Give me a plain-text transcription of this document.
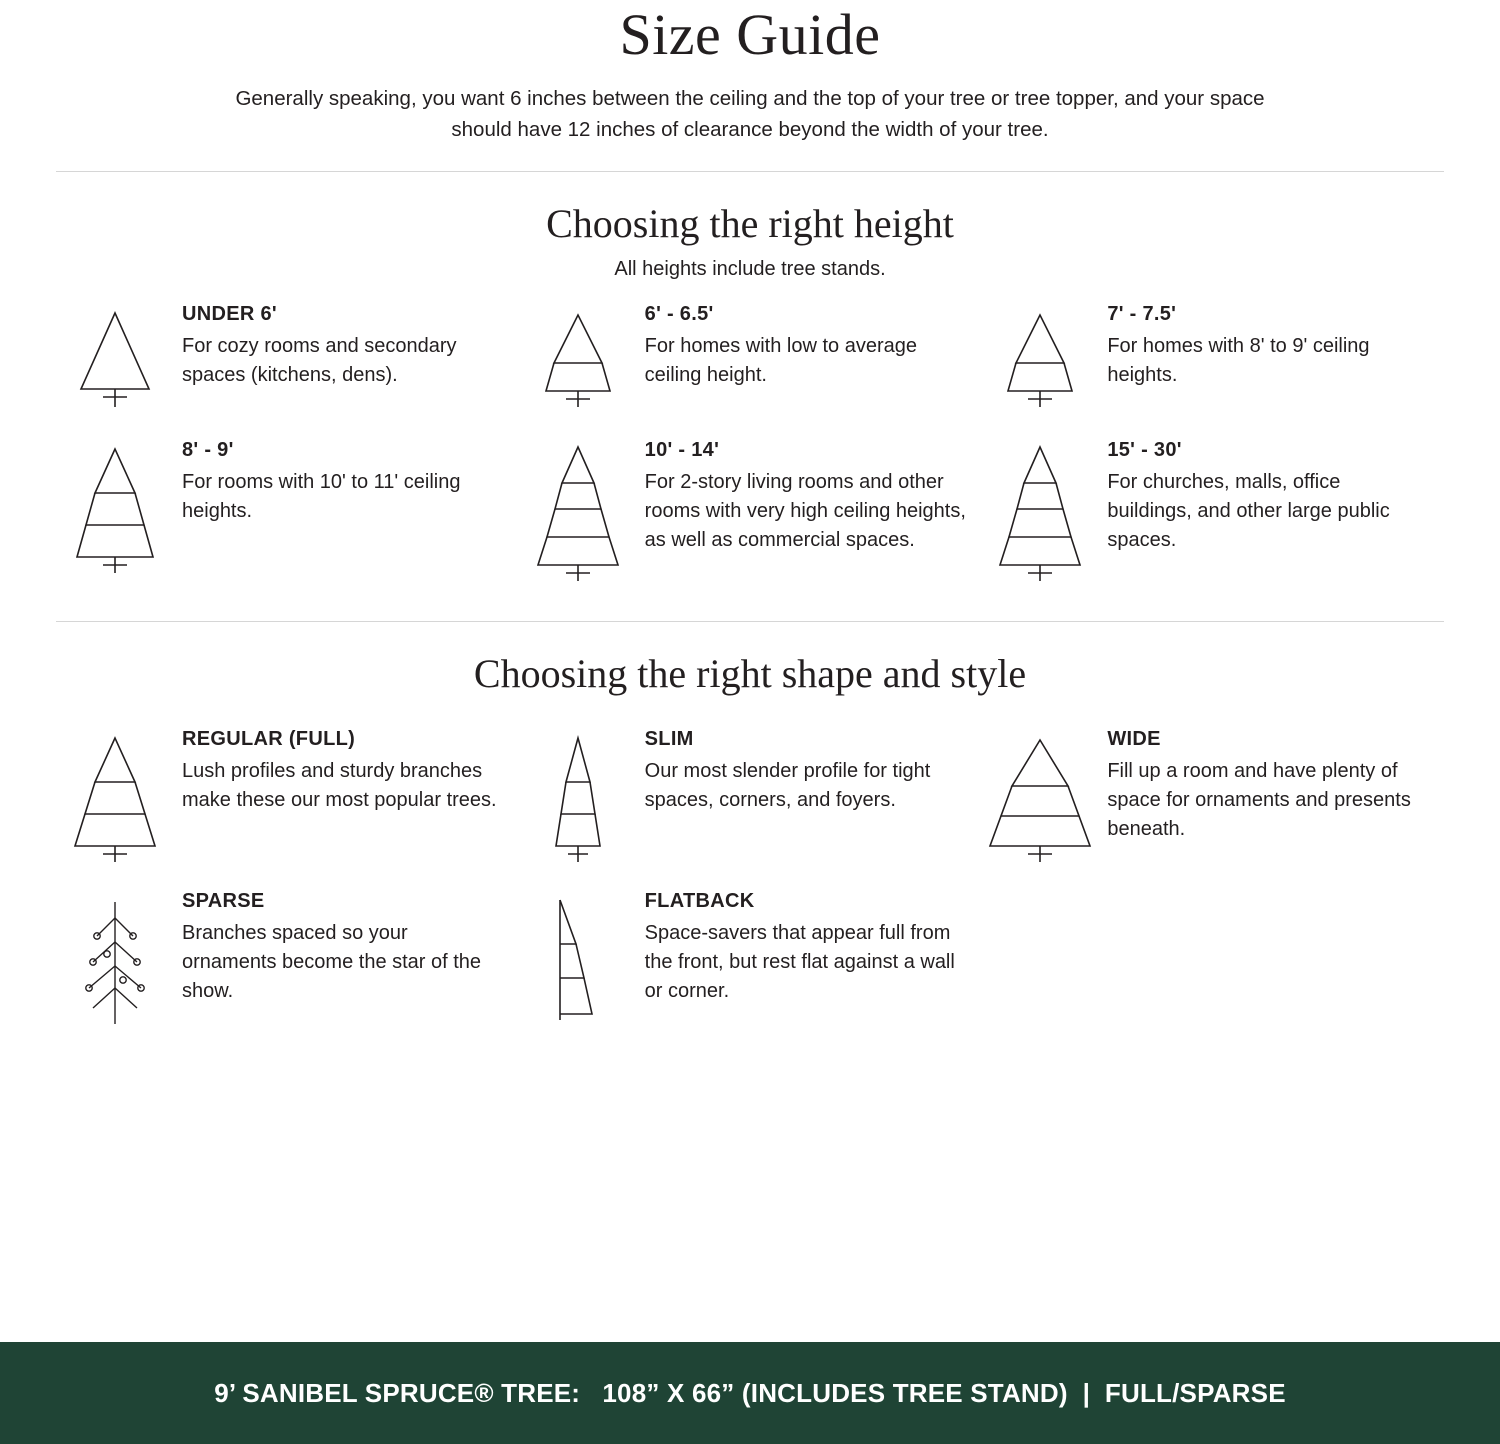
Size Guide

Generally speaking, you want 6 inches between the ceiling and the top of your tree or tree topper, and your space should have 12 inches of clearance beyond the width of your tree.

Choosing the right height

All heights include tree stands.

UNDER 6'

For cozy rooms and secondary spaces (kitchens, dens).

6' - 6.5'

For homes with low to average ceiling height.

7' - 7.5'

For homes with 8' to 9' ceiling heights.

8' - 9'

For rooms with 10' to 11' ceiling heights.

10' - 14'

For 2-story living rooms and other rooms with very high ceiling heights, as well as commercial spaces.

15' - 30'

For churches, malls, office buildings, and other large public spaces.

Choosing the right shape and style

REGULAR (FULL)

Lush profiles and sturdy branches make these our most popular trees.

SLIM

Our most slender profile for tight spaces, corners, and foyers.

WIDE

Fill up a room and have plenty of space for ornaments and presents beneath.

SPARSE

Branches spaced so your ornaments become the star of the show.

FLATBACK

Space-savers that appear full from the front, but rest flat against a wall or corner.

9’ SANIBEL SPRUCE® TREE:   108” X 66” (INCLUDES TREE STAND)  |  FULL/SPARSE
